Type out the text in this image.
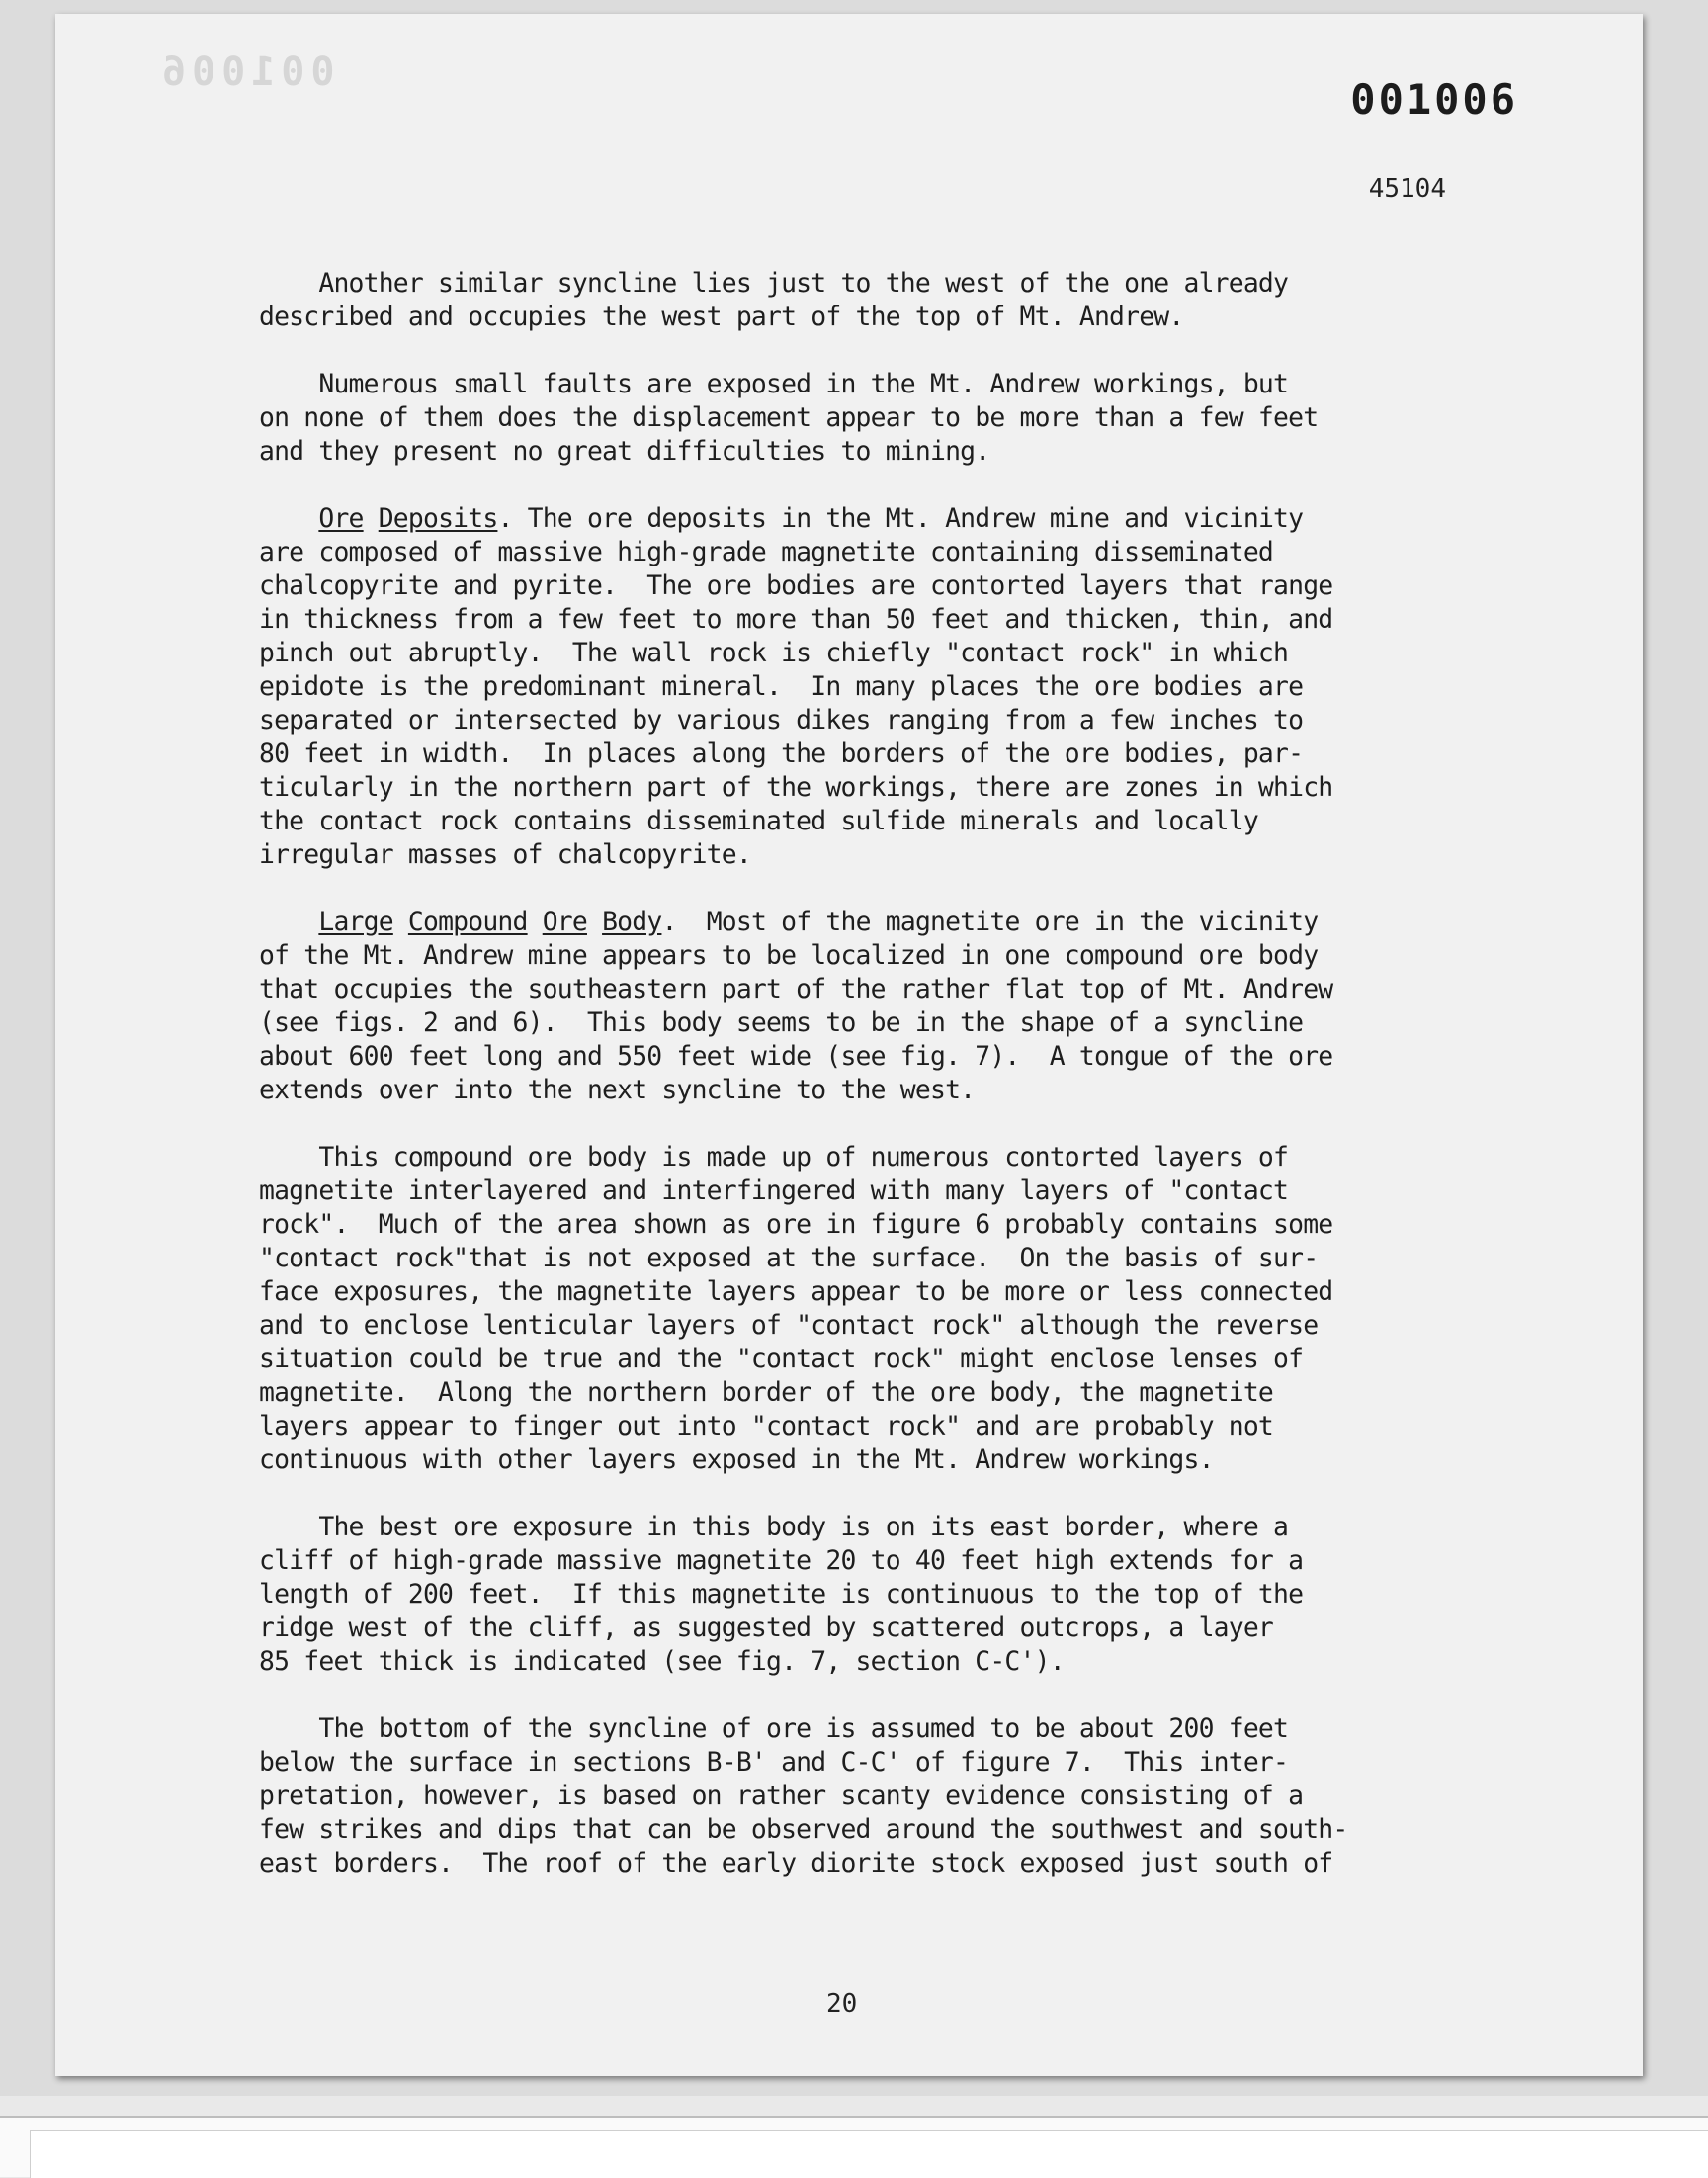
001006
001006
45104
Another similar syncline lies just to the west of the one already
described and occupies the west part of the top of Mt. Andrew.
Numerous small faults are exposed in the Mt. Andrew workings, but
on none of them does the displacement appear to be more than a few feet
and they present no great difficulties to mining.
Ore Deposits. The ore deposits in the Mt. Andrew mine and vicinity
are composed of massive high-grade magnetite containing disseminated
chalcopyrite and pyrite.  The ore bodies are contorted layers that range
in thickness from a few feet to more than 50 feet and thicken, thin, and
pinch out abruptly.  The wall rock is chiefly "contact rock" in which
epidote is the predominant mineral.  In many places the ore bodies are
separated or intersected by various dikes ranging from a few inches to
80 feet in width.  In places along the borders of the ore bodies, par-
ticularly in the northern part of the workings, there are zones in which
the contact rock contains disseminated sulfide minerals and locally
irregular masses of chalcopyrite.
Large Compound Ore Body.  Most of the magnetite ore in the vicinity
of the Mt. Andrew mine appears to be localized in one compound ore body
that occupies the southeastern part of the rather flat top of Mt. Andrew
(see figs. 2 and 6).  This body seems to be in the shape of a syncline
about 600 feet long and 550 feet wide (see fig. 7).  A tongue of the ore
extends over into the next syncline to the west.
This compound ore body is made up of numerous contorted layers of
magnetite interlayered and interfingered with many layers of "contact
rock".  Much of the area shown as ore in figure 6 probably contains some
"contact rock"that is not exposed at the surface.  On the basis of sur-
face exposures, the magnetite layers appear to be more or less connected
and to enclose lenticular layers of "contact rock" although the reverse
situation could be true and the "contact rock" might enclose lenses of
magnetite.  Along the northern border of the ore body, the magnetite
layers appear to finger out into "contact rock" and are probably not
continuous with other layers exposed in the Mt. Andrew workings.
The best ore exposure in this body is on its east border, where a
cliff of high-grade massive magnetite 20 to 40 feet high extends for a
length of 200 feet.  If this magnetite is continuous to the top of the
ridge west of the cliff, as suggested by scattered outcrops, a layer
85 feet thick is indicated (see fig. 7, section C-C').
The bottom of the syncline of ore is assumed to be about 200 feet
below the surface in sections B-B' and C-C' of figure 7.  This inter-
pretation, however, is based on rather scanty evidence consisting of a
few strikes and dips that can be observed around the southwest and south-
east borders.  The roof of the early diorite stock exposed just south of
20
